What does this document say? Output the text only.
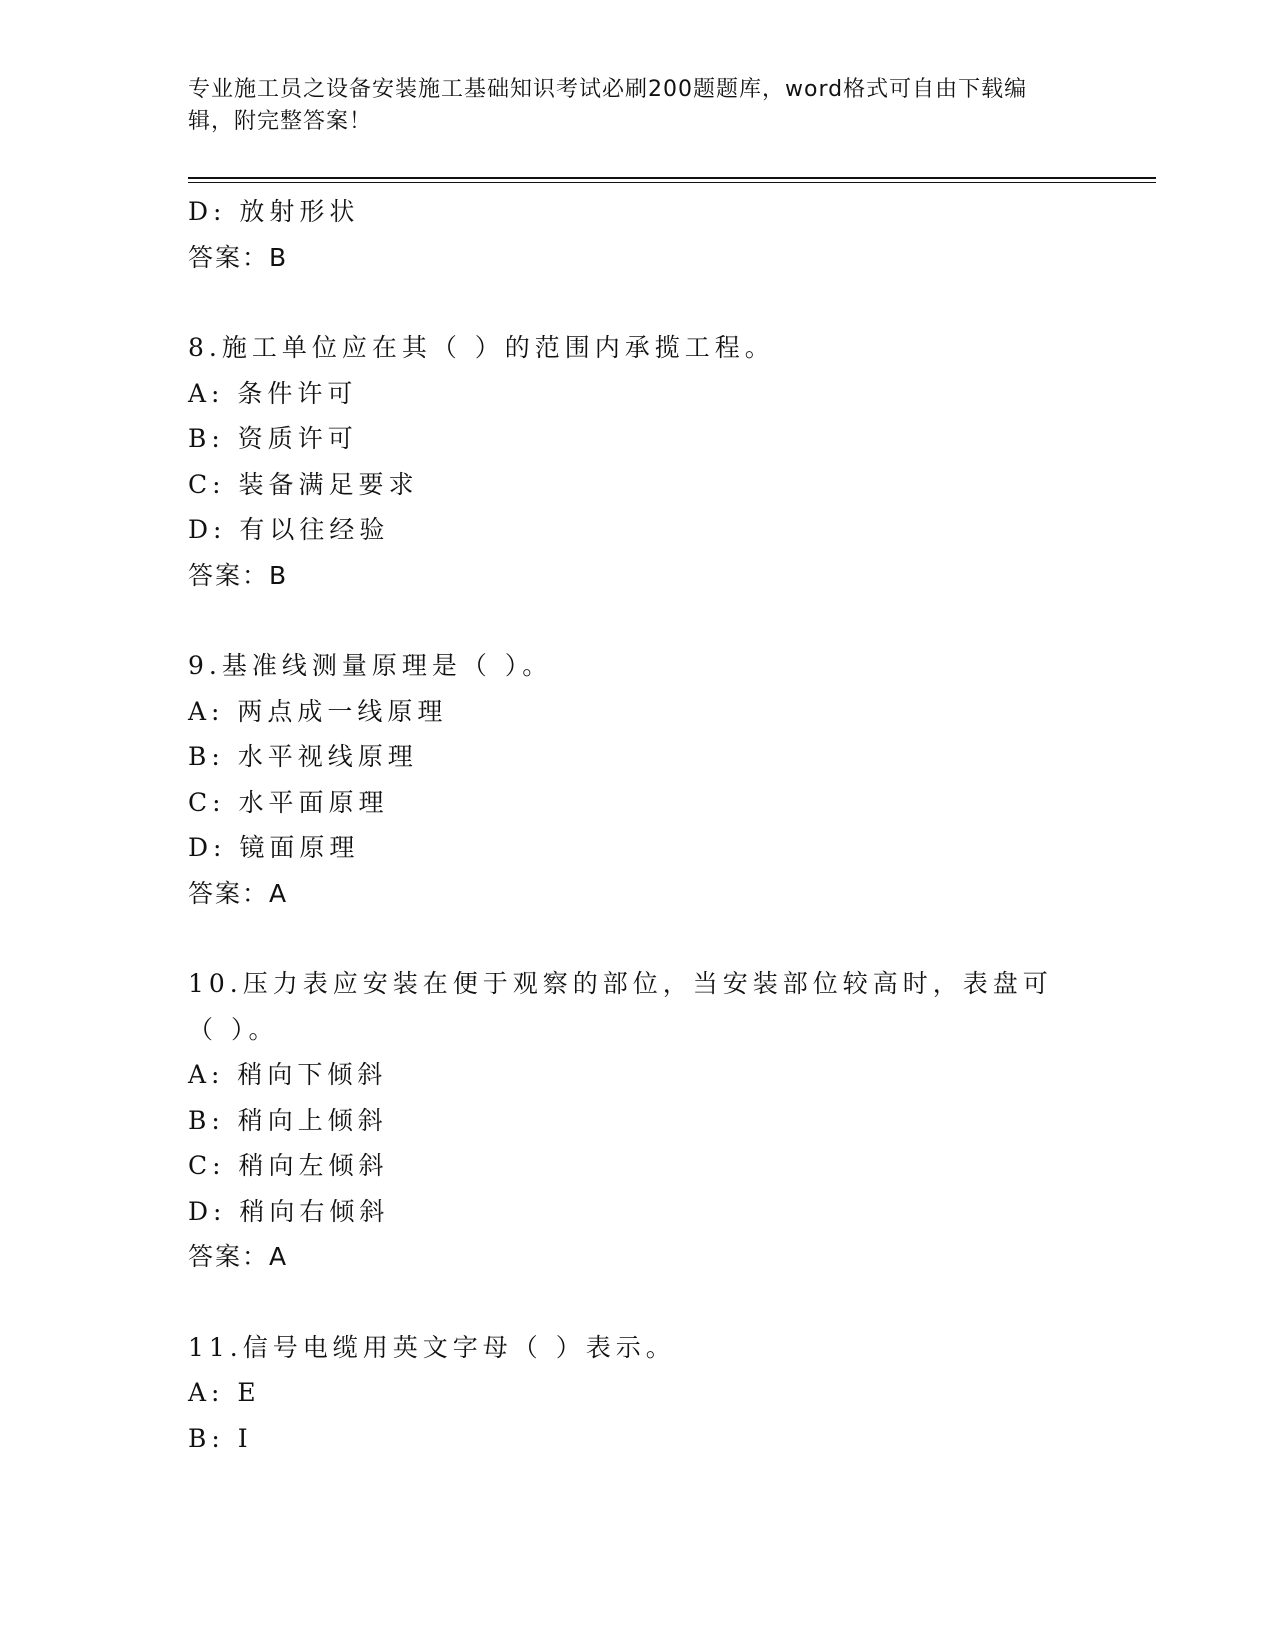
专业施工员之设备安装施工基础知识考试必刷200题题库，word格式可自由下载编辑，附完整答案！
D: 放射形状
答案：B
8.施工单位应在其（ ）的范围内承揽工程。
A: 条件许可
B: 资质许可
C: 装备满足要求
D: 有以往经验
答案：B
9.基准线测量原理是（ ）。
A: 两点成一线原理
B: 水平视线原理
C: 水平面原理
D: 镜面原理
答案：A
10.压力表应安装在便于观察的部位，当安装部位较高时，表盘可（ ）。
A: 稍向下倾斜
B: 稍向上倾斜
C: 稍向左倾斜
D: 稍向右倾斜
答案：A
11.信号电缆用英文字母（ ）表示。
A: E
B: I
